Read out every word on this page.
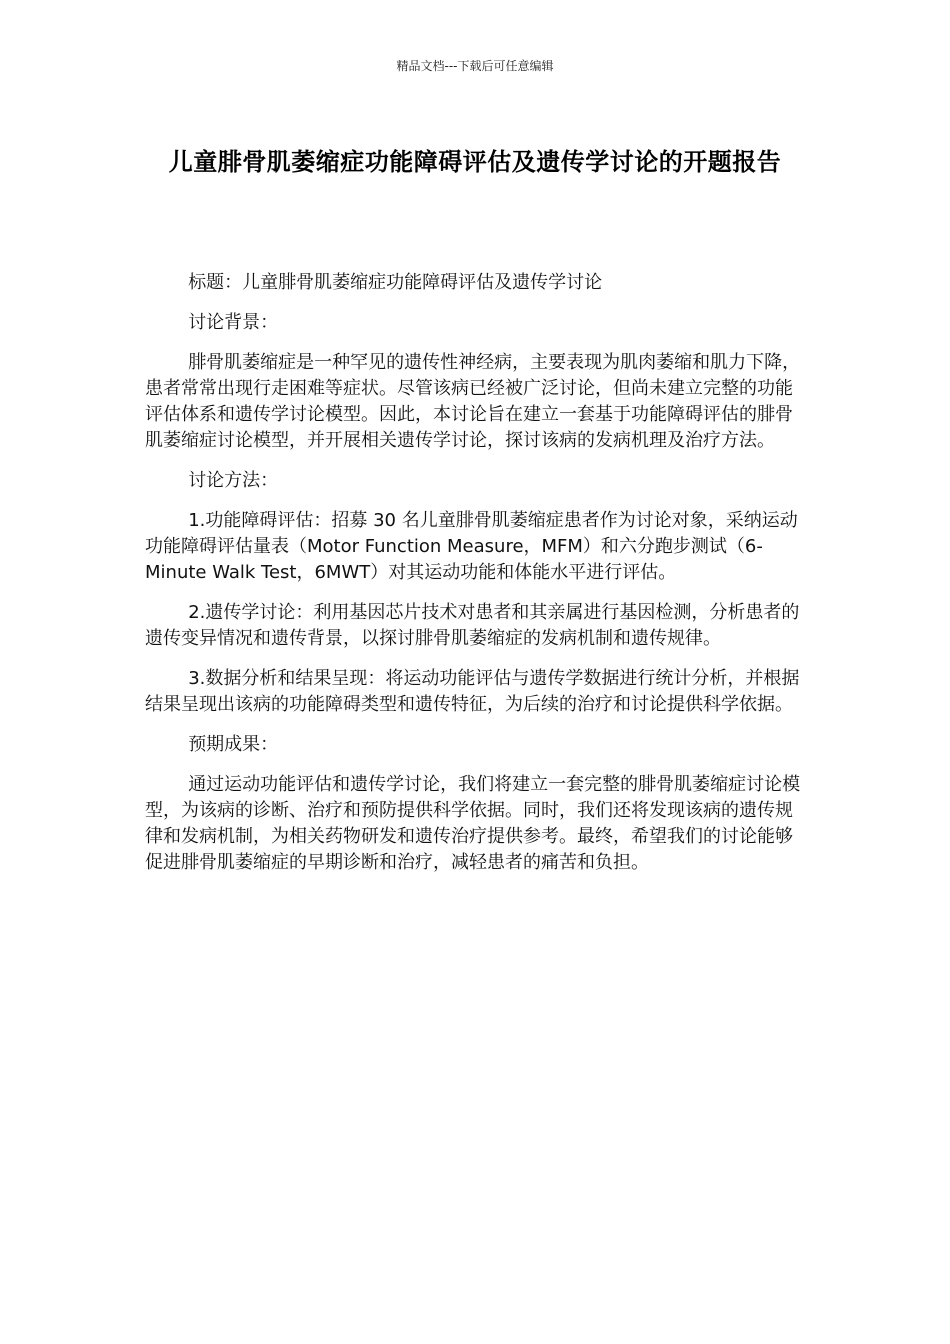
精品文档---下载后可任意编辑
儿童腓骨肌萎缩症功能障碍评估及遗传学讨论的开题报告

标题：儿童腓骨肌萎缩症功能障碍评估及遗传学讨论

讨论背景：

腓骨肌萎缩症是一种罕见的遗传性神经病，主要表现为肌肉萎缩和肌力下降，患者常常出现行走困难等症状。尽管该病已经被广泛讨论，但尚未建立完整的功能评估体系和遗传学讨论模型。因此，本讨论旨在建立一套基于功能障碍评估的腓骨肌萎缩症讨论模型，并开展相关遗传学讨论，探讨该病的发病机理及治疗方法。

讨论方法：

1.功能障碍评估：招募 30 名儿童腓骨肌萎缩症患者作为讨论对象，采纳运动功能障碍评估量表（Motor Function Measure，MFM）和六分跑步测试（6-Minute Walk Test，6MWT）对其运动功能和体能水平进行评估。

2.遗传学讨论：利用基因芯片技术对患者和其亲属进行基因检测，分析患者的遗传变异情况和遗传背景，以探讨腓骨肌萎缩症的发病机制和遗传规律。

3.数据分析和结果呈现：将运动功能评估与遗传学数据进行统计分析，并根据结果呈现出该病的功能障碍类型和遗传特征，为后续的治疗和讨论提供科学依据。

预期成果：

通过运动功能评估和遗传学讨论，我们将建立一套完整的腓骨肌萎缩症讨论模型，为该病的诊断、治疗和预防提供科学依据。同时，我们还将发现该病的遗传规律和发病机制，为相关药物研发和遗传治疗提供参考。最终，希望我们的讨论能够促进腓骨肌萎缩症的早期诊断和治疗，减轻患者的痛苦和负担。
